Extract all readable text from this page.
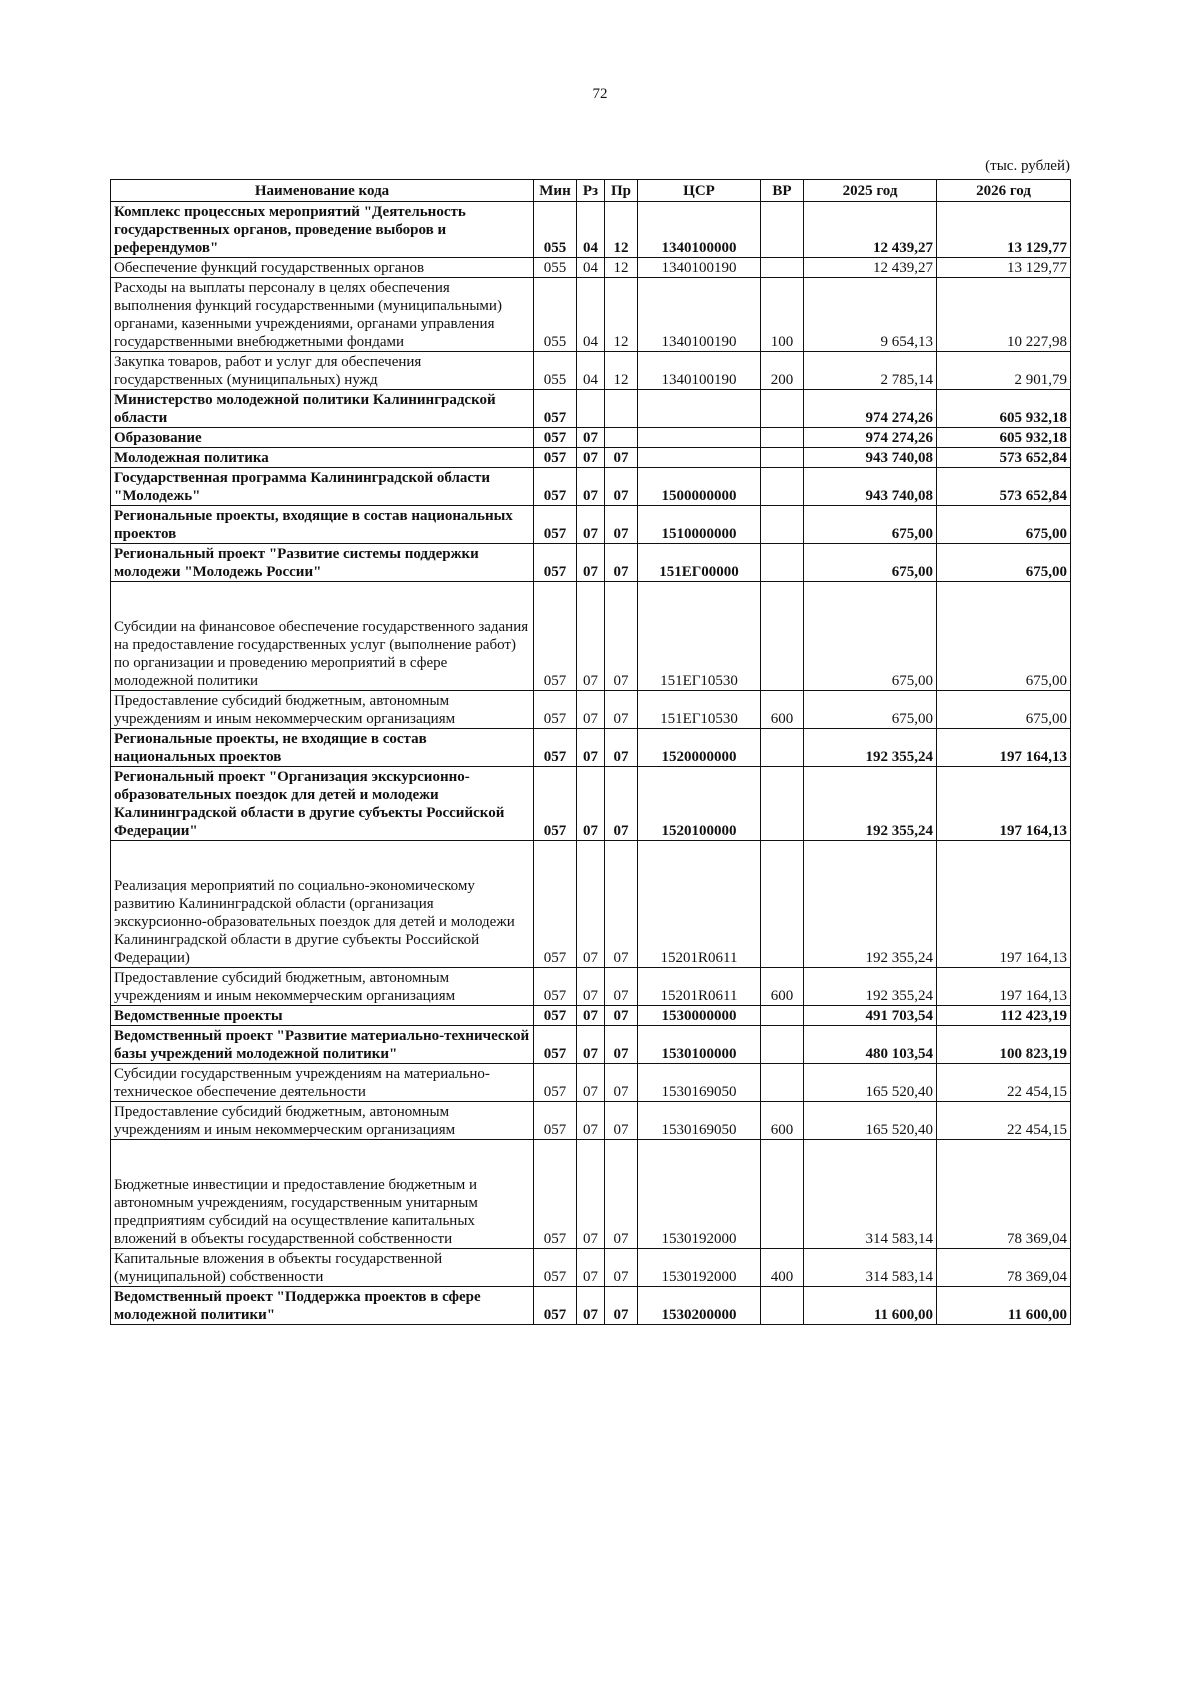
72
(тыс. рублей)
Наименование кода	Мин	Рз	Пр	ЦСР	ВР	2025 год	2026 год
Комплекс процессных мероприятий "Деятельность государственных органов, проведение выборов и референдумов"	055	04	12	1340100000		12 439,27	13 129,77
Обеспечение функций государственных органов	055	04	12	1340100190		12 439,27	13 129,77
Расходы на выплаты персоналу в целях обеспечения выполнения функций государственными (муниципальными) органами, казенными учреждениями, органами управления государственными внебюджетными фондами	055	04	12	1340100190	100	9 654,13	10 227,98
Закупка товаров, работ и услуг для обеспечения государственных (муниципальных) нужд	055	04	12	1340100190	200	2 785,14	2 901,79
Министерство молодежной политики Калининградской области	057					974 274,26	605 932,18
Образование	057	07				974 274,26	605 932,18
Молодежная политика	057	07	07			943 740,08	573 652,84
Государственная программа Калининградской области "Молодежь"	057	07	07	1500000000		943 740,08	573 652,84
Региональные проекты, входящие в состав национальных проектов	057	07	07	1510000000		675,00	675,00
Региональный проект "Развитие системы поддержки молодежи "Молодежь России"	057	07	07	151ЕГ00000		675,00	675,00
Субсидии на финансовое обеспечение государственного задания на предоставление государственных услуг (выполнение работ) по организации и проведению мероприятий в сфере молодежной политики	057	07	07	151ЕГ10530		675,00	675,00
Предоставление субсидий бюджетным, автономным учреждениям и иным некоммерческим организациям	057	07	07	151ЕГ10530	600	675,00	675,00
Региональные проекты, не входящие в состав национальных проектов	057	07	07	1520000000		192 355,24	197 164,13
Региональный проект "Организация экскурсионно-образовательных поездок для детей и молодежи Калининградской области в другие субъекты Российской Федерации"	057	07	07	1520100000		192 355,24	197 164,13
Реализация мероприятий по социально-экономическому развитию Калининградской области (организация экскурсионно-образовательных поездок для детей и молодежи Калининградской области в другие субъекты Российской Федерации)	057	07	07	15201R0611		192 355,24	197 164,13
Предоставление субсидий бюджетным, автономным учреждениям и иным некоммерческим организациям	057	07	07	15201R0611	600	192 355,24	197 164,13
Ведомственные проекты	057	07	07	1530000000		491 703,54	112 423,19
Ведомственный проект "Развитие материально-технической базы учреждений молодежной политики"	057	07	07	1530100000		480 103,54	100 823,19
Субсидии государственным учреждениям на материально-техническое обеспечение деятельности	057	07	07	1530169050		165 520,40	22 454,15
Предоставление субсидий бюджетным, автономным учреждениям и иным некоммерческим организациям	057	07	07	1530169050	600	165 520,40	22 454,15
Бюджетные инвестиции и предоставление бюджетным и автономным учреждениям, государственным унитарным предприятиям субсидий на осуществление капитальных вложений в объекты государственной собственности	057	07	07	1530192000		314 583,14	78 369,04
Капитальные вложения в объекты государственной (муниципальной) собственности	057	07	07	1530192000	400	314 583,14	78 369,04
Ведомственный проект "Поддержка проектов в сфере молодежной политики"	057	07	07	1530200000		11 600,00	11 600,00
